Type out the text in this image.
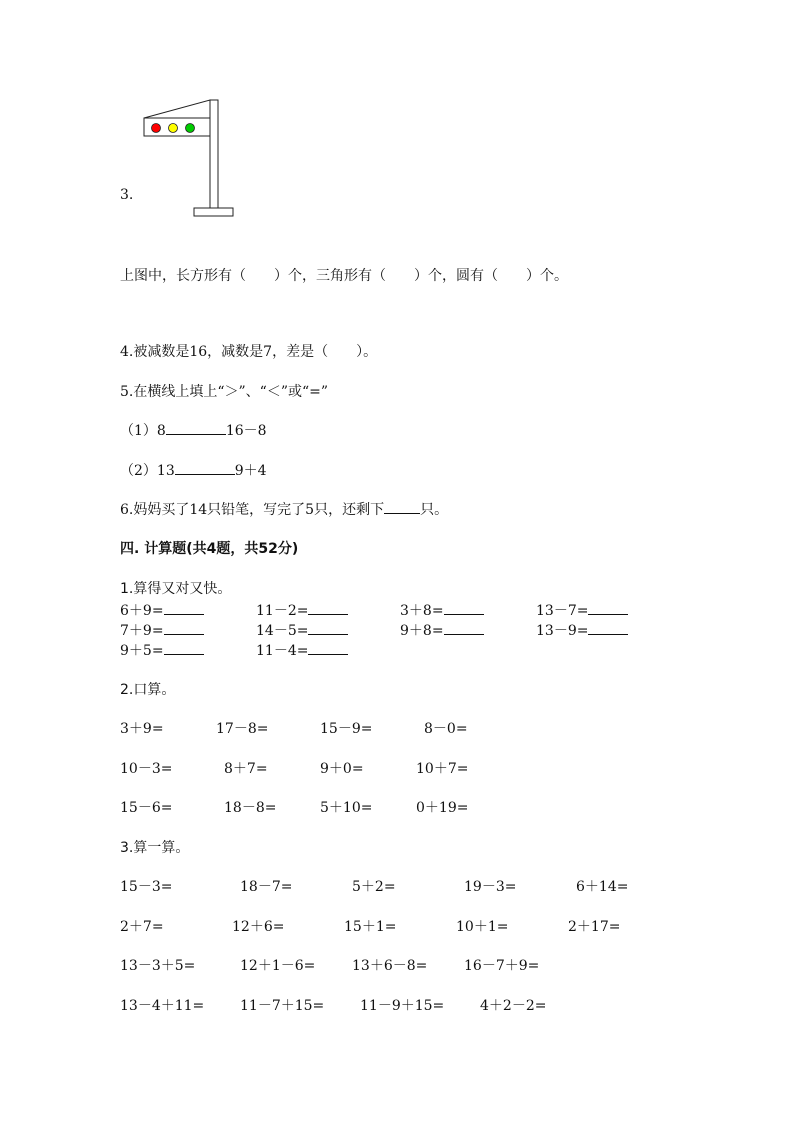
3.
上图中，长方形有（　　）个，三角形有（　　）个，圆有（　　）个。
4.被减数是16，减数是7，差是（　　）。
5.在横线上填上“＞”、“＜”或“=”
（1）8	16－8
（2）13	9＋4
6.妈妈买了14只铅笔，写完了5只，还剩下	只。
四. 计算题(共4题，共52分)
1.算得又对又快。
6＋9=	11－2=	3＋8=	13－7=
7＋9=	14－5=	9＋8=	13－9=
9＋5=	11－4=
2.口算。
3＋9=	17－8=	15－9=	8－0=
10－3=	8＋7=	9＋0=	10＋7=
15－6=	18－8=	5＋10=	0＋19=
3.算一算。
15－3=	18－7=	5＋2=	19－3=	6＋14=
2＋7=	12＋6=	15＋1=	10＋1=	2＋17=
13－3＋5=	12＋1－6=	13＋6－8=	16－7＋9=
13－4＋11=	11－7＋15=	11－9＋15=	4＋2－2=
